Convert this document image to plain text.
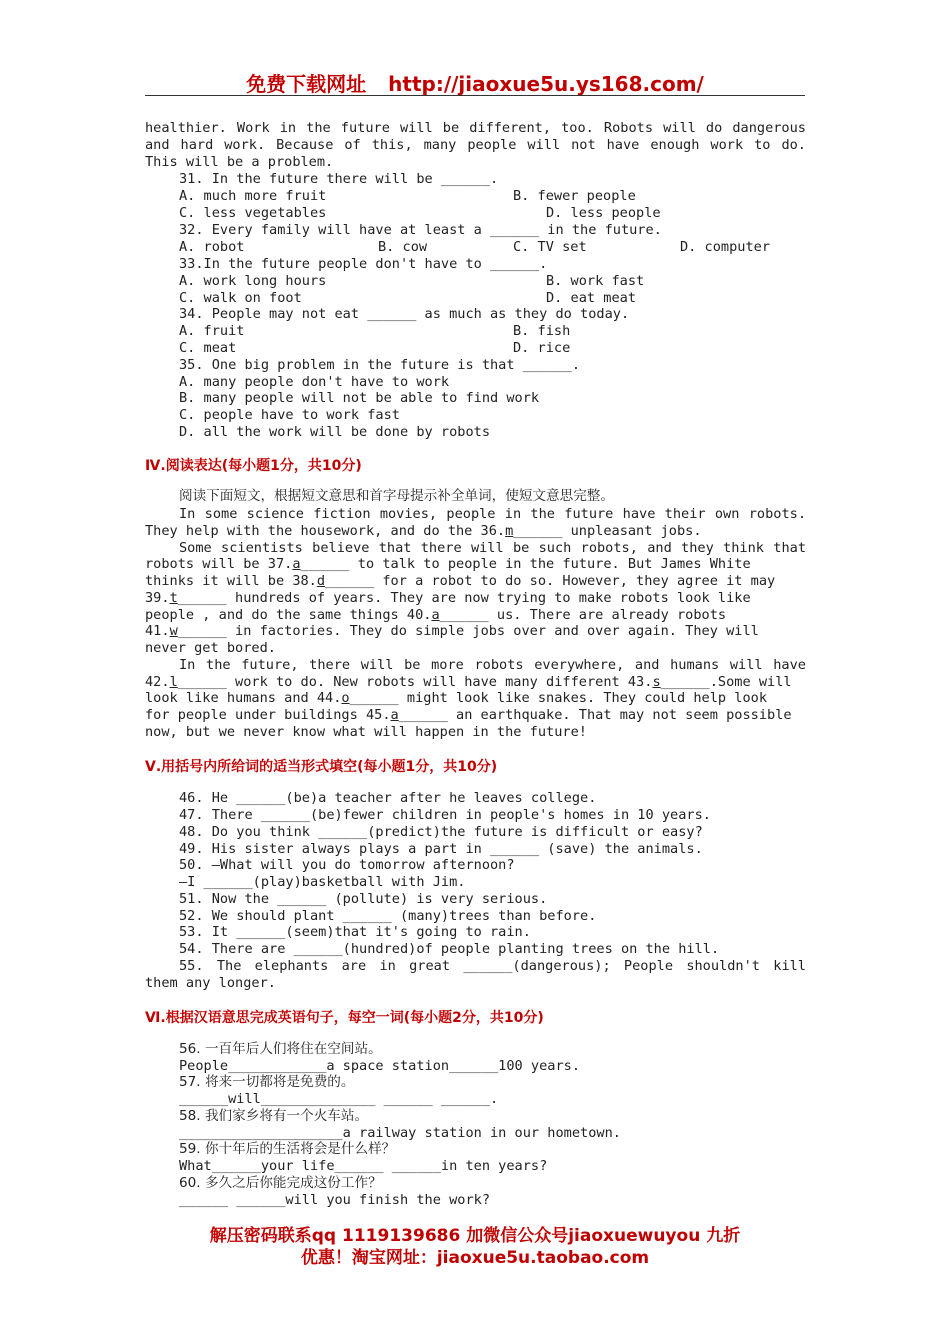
免费下载网址 http://jiaoxue5u.ys168.com/
healthier. Work in the future will be different, too. Robots will do dangerous
and hard work. Because of this, many people will not have enough work to do.
This will be a problem.
31. In the future there will be ______.
A. much more fruit	B. fewer people
C. less vegetables	D. less people
32. Every family will have at least a ______ in the future.
A. robot	B. cow	C. TV set	D. computer
33.In the future people don't have to ______.
A. work long hours	B. work fast
C. walk on foot	D. eat meat
34. People may not eat ______ as much as they do today.
A. fruit	B. fish
C. meat	D. rice
35. One big problem in the future is that ______.
A. many people don't have to work
B. many people will not be able to find work
C. people have to work fast
D. all the work will be done by robots
Ⅳ.阅读表达(每小题1分，共10分)
阅读下面短文，根据短文意思和首字母提示补全单词，使短文意思完整。
In some science fiction movies, people in the future have their own robots.
They help with the housework, and do the 36.m______ unpleasant jobs.
Some scientists believe that there will be such robots, and they think that
robots will be 37.a______ to talk to people in the future. But James White
thinks it will be 38.d______ for a robot to do so. However, they agree it may
39.t______ hundreds of years. They are now trying to make robots look like
people , and do the same things 40.a______ us. There are already robots
41.w______ in factories. They do simple jobs over and over again. They will
never get bored.
In the future, there will be more robots everywhere, and humans will have
42.l______ work to do. New robots will have many different 43.s______.Some will
look like humans and 44.o______ might look like snakes. They could help look
for people under buildings 45.a______ an earthquake. That may not seem possible
now, but we never know what will happen in the future!
Ⅴ.用括号内所给词的适当形式填空(每小题1分，共10分)
46. He ______(be)a teacher after he leaves college.
47. There ______(be)fewer children in people's homes in 10 years.
48. Do you think ______(predict)the future is difficult or easy?
49. His sister always plays a part in ______ (save) the animals.
50. —What will you do tomorrow afternoon?
—I ______(play)basketball with Jim.
51. Now the ______ (pollute) is very serious.
52. We should plant ______ (many)trees than before.
53. It ______(seem)that it's going to rain.
54. There are ______(hundred)of people planting trees on the hill.
55. The elephants are in great ______(dangerous); People shouldn't kill
them any longer.
Ⅵ.根据汉语意思完成英语句子，每空一词(每小题2分，共10分)
56. 一百年后人们将住在空间站。
People____________a space station______100 years.
57. 将来一切都将是免费的。
______will______________ ______ ______.
58. 我们家乡将有一个火车站。
____________________a railway station in our hometown.
59. 你十年后的生活将会是什么样？
What______your life______ ______in ten years?
60. 多久之后你能完成这份工作？
______ ______will you finish the work?
解压密码联系qq 1119139686 加微信公众号jiaoxuewuyou 九折
优惠！淘宝网址：jiaoxue5u.taobao.com
